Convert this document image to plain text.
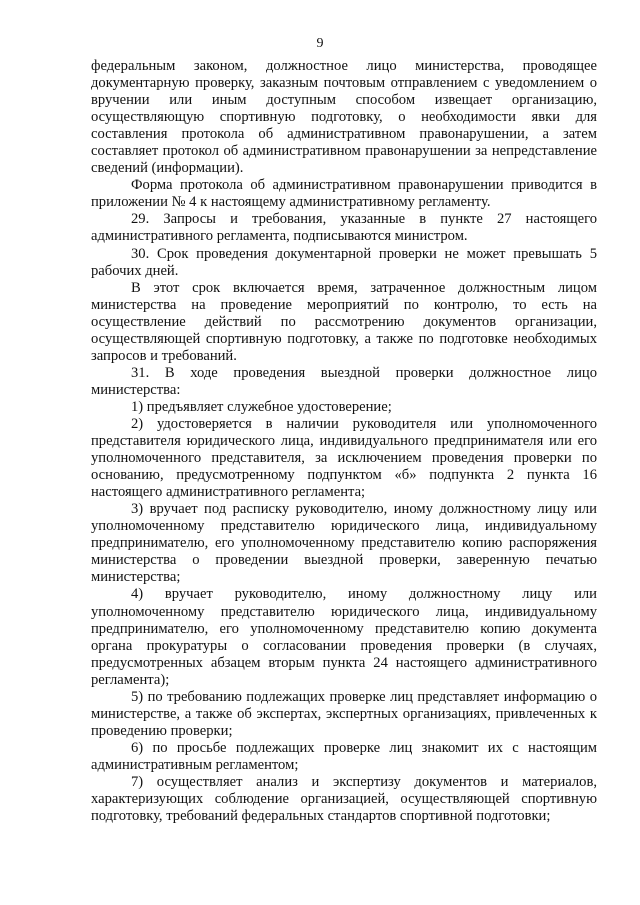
9

федеральным законом, должностное лицо министерства, проводящее документарную проверку, заказным почтовым отправлением с уведомлением о вручении или иным доступным способом извещает организацию, осуществляющую спортивную подготовку, о необходимости явки для составления протокола об административном правонарушении, а затем составляет протокол об административном правонарушении за непредставление сведений (информации).

Форма протокола об административном правонарушении приводится в приложении № 4 к настоящему административному регламенту.

29. Запросы и требования, указанные в пункте 27 настоящего административного регламента, подписываются министром.

30. Срок проведения документарной проверки не может превышать 5 рабочих дней.

В этот срок включается время, затраченное должностным лицом министерства на проведение мероприятий по контролю, то есть на осуществление действий по рассмотрению документов организации, осуществляющей спортивную подготовку, а также по подготовке необходимых запросов и требований.

31. В ходе проведения выездной проверки должностное лицо министерства:

1) предъявляет служебное удостоверение;

2) удостоверяется в наличии руководителя или уполномоченного представителя юридического лица, индивидуального предпринимателя или его уполномоченного представителя, за исключением проведения проверки по основанию, предусмотренному подпунктом «б» подпункта 2 пункта 16 настоящего административного регламента;

3) вручает под расписку руководителю, иному должностному лицу или уполномоченному представителю юридического лица, индивидуальному предпринимателю, его уполномоченному представителю копию распоряжения министерства о проведении выездной проверки, заверенную печатью министерства;

4) вручает руководителю, иному должностному лицу или уполномоченному представителю юридического лица, индивидуальному предпринимателю, его уполномоченному представителю копию документа органа прокуратуры о согласовании проведения проверки (в случаях, предусмотренных абзацем вторым пункта 24 настоящего административного регламента);

5) по требованию подлежащих проверке лиц представляет информацию о министерстве, а также об экспертах, экспертных организациях, привлеченных к проведению проверки;

6) по просьбе подлежащих проверке лиц знакомит их с настоящим административным регламентом;

7) осуществляет анализ и экспертизу документов и материалов, характеризующих соблюдение организацией, осуществляющей спортивную подготовку, требований федеральных стандартов спортивной подготовки;
